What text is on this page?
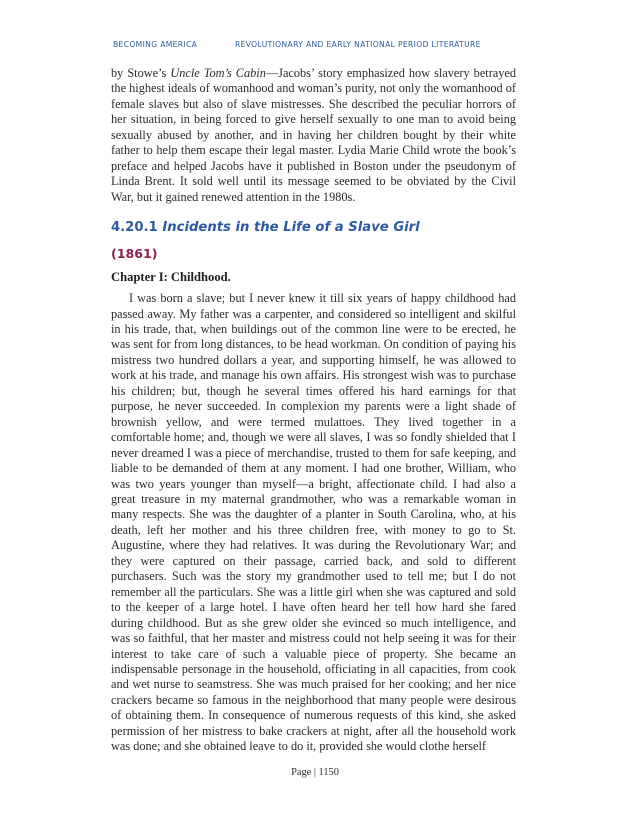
BECOMING AMERICA	REVOLUTIONARY AND EARLY NATIONAL PERIOD LITERATURE

by Stowe’s Uncle Tom’s Cabin—Jacobs’ story emphasized how slavery betrayed the highest ideals of womanhood and woman’s purity, not only the womanhood of female slaves but also of slave mistresses. She described the peculiar horrors of her situation, in being forced to give herself sexually to one man to avoid being sexually abused by another, and in having her children bought by their white father to help them escape their legal master. Lydia Marie Child wrote the book’s preface and helped Jacobs have it published in Boston under the pseudonym of Linda Brent. It sold well until its message seemed to be obviated by the Civil War, but it gained renewed attention in the 1980s.

4.20.1 Incidents in the Life of a Slave Girl
(1861)
Chapter I: Childhood.

I was born a slave; but I never knew it till six years of happy childhood had passed away. My father was a carpenter, and considered so intelligent and skilful in his trade, that, when buildings out of the common line were to be erected, he was sent for from long distances, to be head workman. On condition of paying his mistress two hundred dollars a year, and supporting himself, he was allowed to work at his trade, and manage his own affairs. His strongest wish was to purchase his children; but, though he several times offered his hard earnings for that purpose, he never succeeded. In complexion my parents were a light shade of brownish yellow, and were termed mulattoes. They lived together in a comfortable home; and, though we were all slaves, I was so fondly shielded that I never dreamed I was a piece of merchandise, trusted to them for safe keeping, and liable to be demanded of them at any moment. I had one brother, William, who was two years younger than myself—a bright, affectionate child. I had also a great treasure in my maternal grandmother, who was a remarkable woman in many respects. She was the daughter of a planter in South Carolina, who, at his death, left her mother and his three children free, with money to go to St. Augustine, where they had relatives. It was during the Revolutionary War; and they were captured on their passage, carried back, and sold to different purchasers. Such was the story my grandmother used to tell me; but I do not remember all the particulars. She was a little girl when she was captured and sold to the keeper of a large hotel. I have often heard her tell how hard she fared during childhood. But as she grew older she evinced so much intelligence, and was so faithful, that her master and mistress could not help seeing it was for their interest to take care of such a valuable piece of property. She became an indispensable personage in the household, officiating in all capacities, from cook and wet nurse to seamstress. She was much praised for her cooking; and her nice crackers became so famous in the neighborhood that many people were desirous of obtaining them. In consequence of numerous requests of this kind, she asked permission of her mistress to bake crackers at night, after all the household work was done; and she obtained leave to do it, provided she would clothe herself

Page | 1150
